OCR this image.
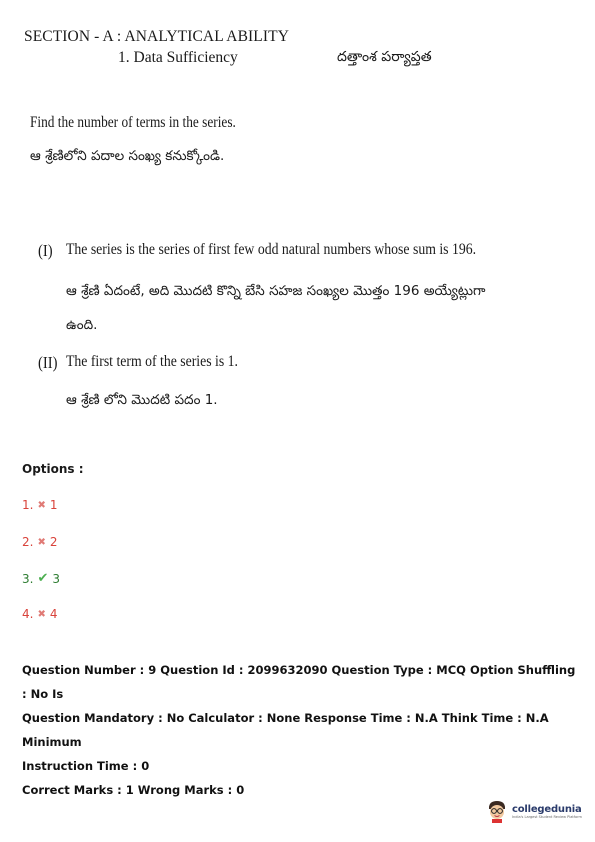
SECTION - A : ANALYTICAL ABILITY
1. Data Sufficiency	దత్తాంశ పర్యాప్తత
Find the number of terms in the series.
ఆ శ్రేణిలోని పదాల సంఖ్య కనుక్కోండి.
(I) The series is the series of first few odd natural numbers whose sum is 196.
ఆ శ్రేణి ఏదంటే, అది మొదటి కొన్ని బేసి సహజ సంఖ్యల మొత్తం 196 అయ్యేట్లుగా
ఉంది.
(II) The first term of the series is 1.
ఆ శ్రేణి లోని మొదటి పదం 1.
Options :
1. ✖ 1
2. ✖ 2
3. ✔ 3
4. ✖ 4
Question Number : 9 Question Id : 2099632090 Question Type : MCQ Option Shuffling : No Is
Question Mandatory : No Calculator : None Response Time : N.A Think Time : N.A Minimum
Instruction Time : 0
Correct Marks : 1 Wrong Marks : 0
collegedunia
India's Largest Student Review Platform
